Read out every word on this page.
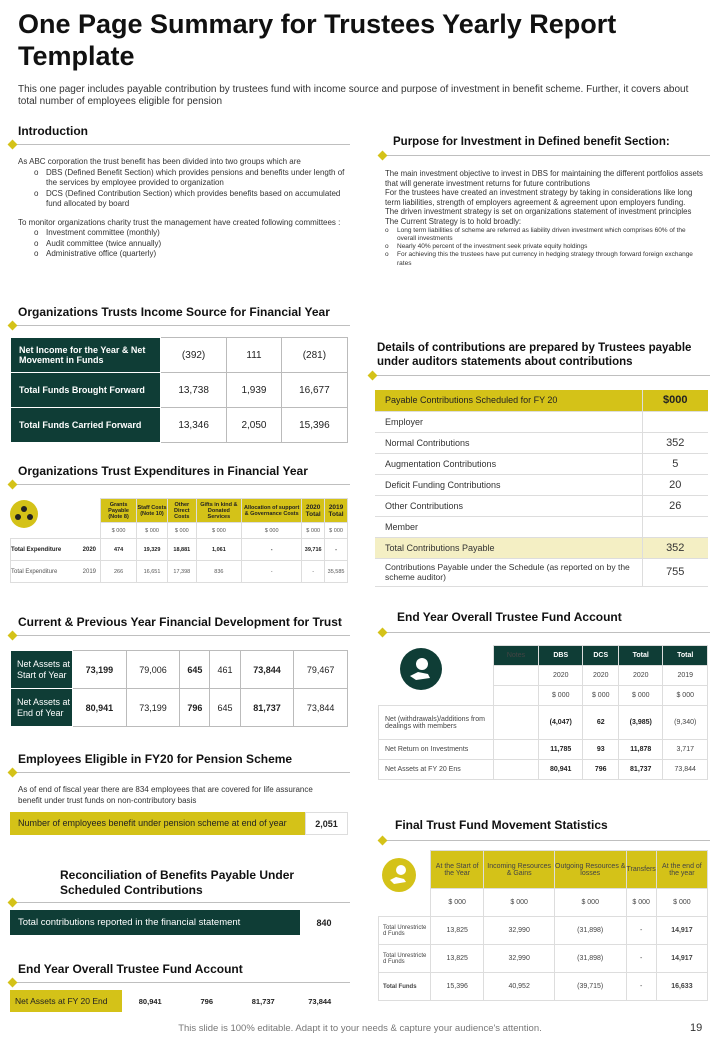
One Page Summary for Trustees Yearly Report Template
This one pager includes payable contribution by trustees fund with income source and purpose of investment in benefit scheme. Further, it covers about total number of employees eligible for pension
Introduction
As ABC corporation the trust benefit has been divided into two groups which are
o DBS (Defined Benefit Section) which provides pensions and benefits under length of the services by employee provided to organization
o DCS (Defined Contribution Section) which provides benefits based on accumulated fund allocated by board
To monitor organizations charity trust the management have created following committees :
o Investment committee (monthly)
o Audit committee (twice annually)
o Administrative office (quarterly)
Purpose for Investment in Defined benefit Section:
The main investment objective to invest in DBS for maintaining the different portfolios assets that will generate investment returns for future contributions
For the trustees have created an investment strategy by taking in considerations like long term liabilities, strength of employers agreement & agreement upon employers funding.
The driven investment strategy is set on organizations statement of investment principles
The Current Strategy is to hold broadly:
o Long term liabilities of scheme are referred as liability driven investment which comprises 60% of the overall investments
o Nearly 40% percent of the investment seek private equity holdings
o For achieving this the trustees have put currency in hedging strategy through forward foreign exchange rates
Organizations Trusts Income Source for Financial Year
Net Income for the Year & Net Movement in Funds	(392)	111	(281)
Total Funds Brought Forward	13,738	1,939	16,677
Total Funds Carried Forward	13,346	2,050	15,396
Organizations Trust Expenditures in Financial Year
	Grants Payable (Note 8)	Staff Costs (Note 10)	Other Direct Costs	Gifts in kind & Donated Services	Allocation of support & Governance Costs	2020 Total	2019 Total
	$ 000	$ 000	$ 000	$ 000	$ 000	$ 000	$ 000
Total Expenditure 2020	474	19,329	18,881	1,061	-	39,716	-
Total Expenditure 2019	266	16,651	17,398	836	-	-	35,585
Current & Previous Year Financial Development for Trust
Net Assets at Start of Year	73,199	79,006	645	461	73,844	79,467
Net Assets at End of Year	80,941	73,199	796	645	81,737	73,844
Employees Eligible in FY20 for Pension Scheme
As of end of fiscal year there are 834 employees that are covered for life assurance benefit under trust funds on non-contributory basis
Number of employees benefit under pension scheme at end of year	2,051
Reconciliation of Benefits Payable Under Scheduled Contributions
Total contributions reported in the financial statement	840
End Year Overall Trustee Fund Account
Net Assets at FY 20 End	80,941	796	81,737	73,844
Details of contributions are prepared by Trustees payable under auditors statements about contributions
Payable Contributions Scheduled for FY 20	$000
Employer	
Normal Contributions	352
Augmentation Contributions	5
Deficit Funding Contributions	20
Other Contributions	26
Member	
Total Contributions Payable	352
Contributions Payable under the Schedule (as reported on by the scheme auditor)	755
End Year Overall Trustee Fund Account
	Notes	DBS	DCS	Total	Total
		2020	2020	2020	2019
		$ 000	$ 000	$ 000	$ 000
Net (withdrawals)/additions from dealings with members		(4,047)	62	(3,985)	(9,340)
Net Return on Investments		11,785	93	11,878	3,717
Net Assets at FY 20 Ens		80,941	796	81,737	73,844
Final Trust Fund Movement Statistics
	At the Start of the Year	Incoming Resources & Gains	Outgoing Resources & losses	Transfers	At the end of the year
	$ 000	$ 000	$ 000	$ 000	$ 000
Total Unrestricte d Funds	13,825	32,990	(31,898)	-	14,917
Total Unrestricte d Funds	13,825	32,990	(31,898)	-	14,917
Total Funds	15,396	40,952	(39,715)	-	16,633
This slide is 100% editable. Adapt it to your needs & capture your audience's attention.	19
